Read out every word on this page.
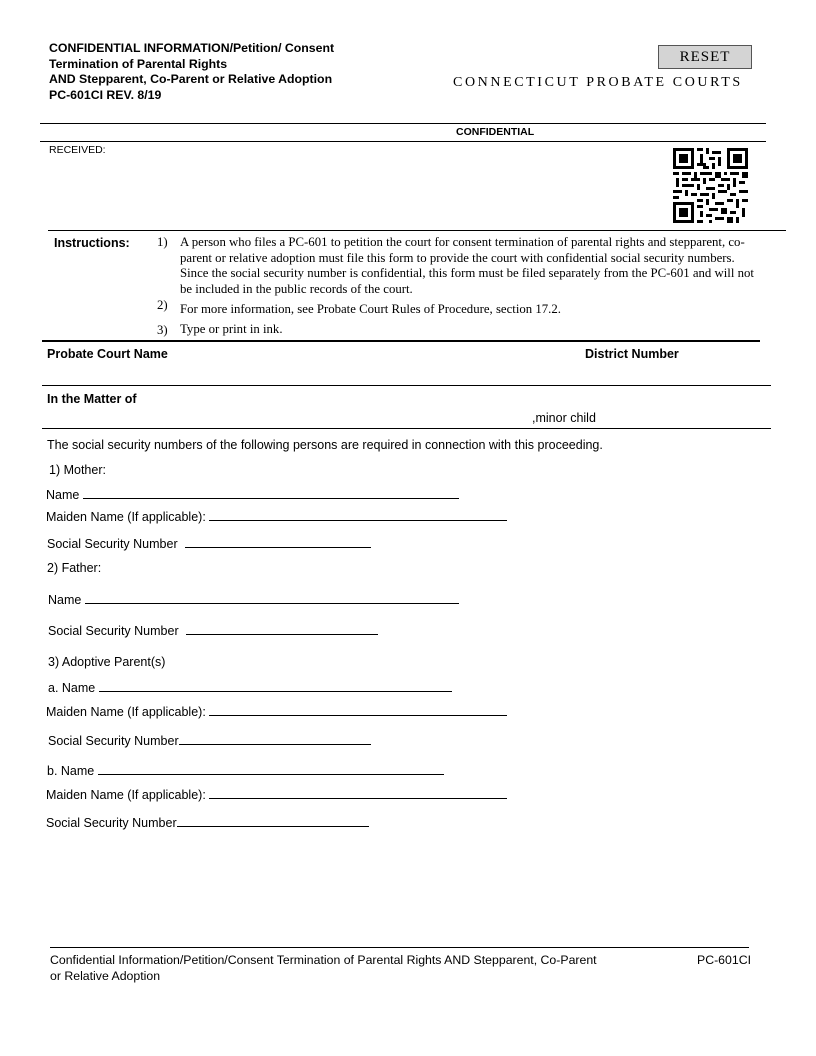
CONFIDENTIAL INFORMATION/Petition/ Consent
Termination of Parental Rights
AND Stepparent, Co-Parent or Relative Adoption
PC-601CI REV. 8/19
RESET
CONNECTICUT PROBATE COURTS
CONFIDENTIAL
RECEIVED:
Instructions: 1) A person who files a PC-601 to petition the court for consent termination of parental rights and stepparent, co-parent or relative adoption must file this form to provide the court with confidential social security numbers. Since the social security number is confidential, this form must be filed separately from the PC-601 and will not be included in the public records of the court.
2) For more information, see Probate Court Rules of Procedure, section 17.2.
3) Type or print in ink.
Probate Court Name	District Number
In the Matter of
,minor child
The social security numbers of the following persons are required in connection with this proceeding.
1) Mother:
Name
Maiden Name (If applicable):
Social Security Number
2) Father:
Name
Social Security Number
3) Adoptive Parent(s)
a. Name
Maiden Name (If applicable):
Social Security Number
b. Name
Maiden Name (If applicable):
Social Security Number
Confidential Information/Petition/Consent Termination of Parental Rights AND Stepparent, Co-Parent
or Relative Adoption
PC-601CI
